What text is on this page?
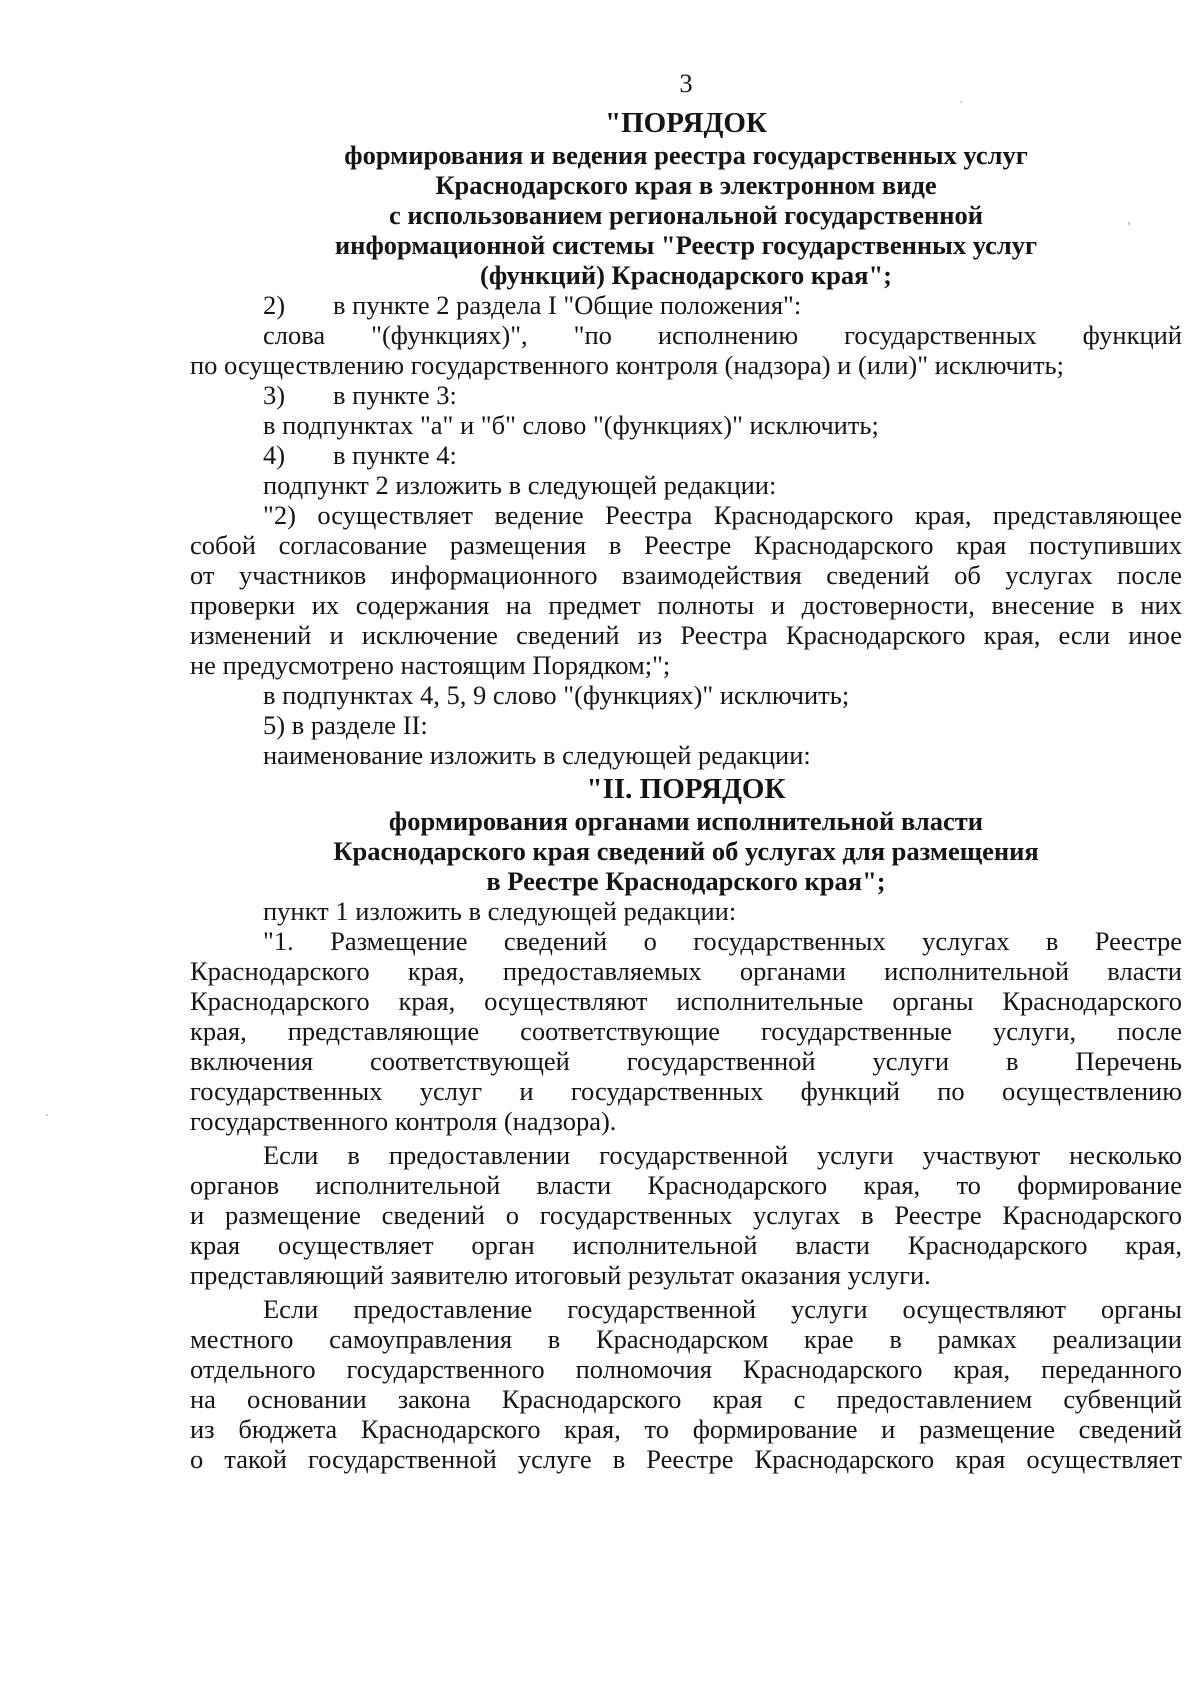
3
"ПОРЯДОК
формирования и ведения реестра государственных услуг
Краснодарского края в электронном виде
с использованием региональной государственной
информационной системы "Реестр государственных услуг
(функций) Краснодарского края";
2) в пункте 2 раздела I "Общие положения":
слова "(функциях)", "по исполнению государственных функций
по осуществлению государственного контроля (надзора) и (или)" исключить;
3) в пункте 3:
в подпунктах "а" и "б" слово "(функциях)" исключить;
4) в пункте 4:
подпункт 2 изложить в следующей редакции:
"2) осуществляет ведение Реестра Краснодарского края, представляющее
собой согласование размещения в Реестре Краснодарского края поступивших
от участников информационного взаимодействия сведений об услугах после
проверки их содержания на предмет полноты и достоверности, внесение в них
изменений и исключение сведений из Реестра Краснодарского края, если иное
не предусмотрено настоящим Порядком;";
в подпунктах 4, 5, 9 слово "(функциях)" исключить;
5) в разделе II:
наименование изложить в следующей редакции:
"II. ПОРЯДОК
формирования органами исполнительной власти
Краснодарского края сведений об услугах для размещения
в Реестре Краснодарского края";
пункт 1 изложить в следующей редакции:
"1. Размещение сведений о государственных услугах в Реестре
Краснодарского края, предоставляемых органами исполнительной власти
Краснодарского края, осуществляют исполнительные органы Краснодарского
края, представляющие соответствующие государственные услуги, после
включения соответствующей государственной услуги в Перечень
государственных услуг и государственных функций по осуществлению
государственного контроля (надзора).
Если в предоставлении государственной услуги участвуют несколько
органов исполнительной власти Краснодарского края, то формирование
и размещение сведений о государственных услугах в Реестре Краснодарского
края осуществляет орган исполнительной власти Краснодарского края,
представляющий заявителю итоговый результат оказания услуги.
Если предоставление государственной услуги осуществляют органы
местного самоуправления в Краснодарском крае в рамках реализации
отдельного государственного полномочия Краснодарского края, переданного
на основании закона Краснодарского края с предоставлением субвенций
из бюджета Краснодарского края, то формирование и размещение сведений
о такой государственной услуге в Реестре Краснодарского края осуществляет
